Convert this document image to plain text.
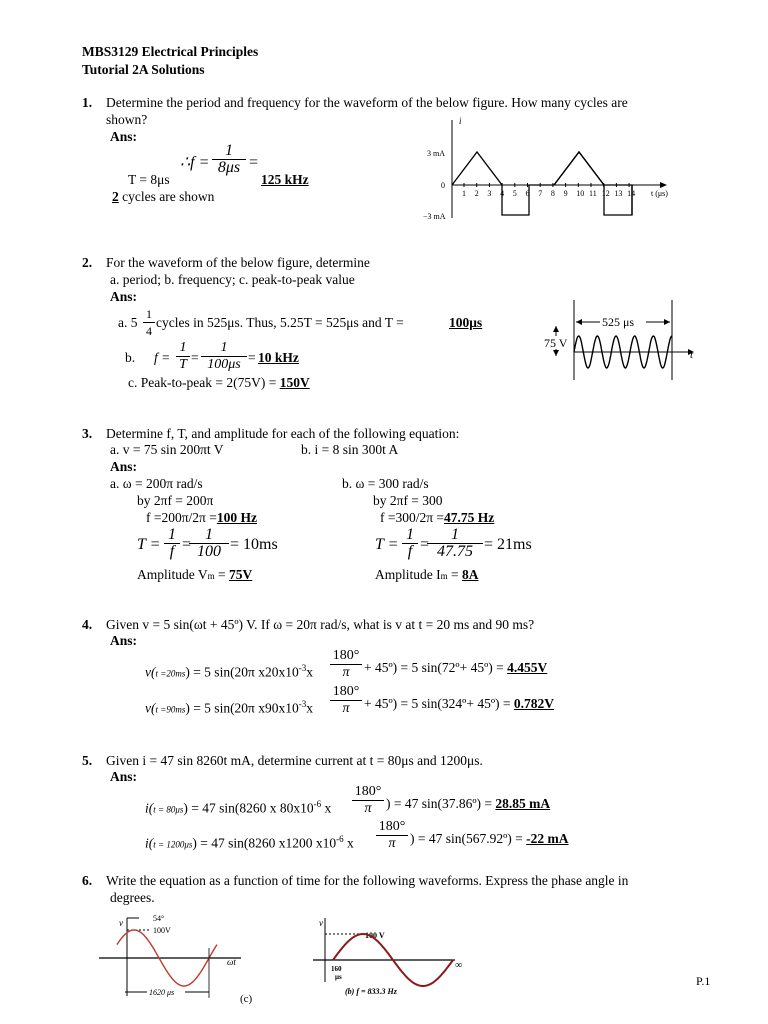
MBS3129 Electrical Principles
Tutorial 2A Solutions
1. Determine the period and frequency for the waveform of the below figure. How many cycles are
shown?
Ans:
∴f = $\frac{1}{8\mu s}$ =
T = 8μs	125 kHz
2 cycles are shown
i
3 mA
0
−3 mA
t (μs)
1 2 3 4 5 6 7 8 9 10 11 12 13 14
2. For the waveform of the below figure, determine
a. period; b. frequency; c. peak-to-peak value
Ans:
a. $5 \frac{1}{4}$ cycles in 525μs. Thus, 5.25T = 525μs and T =	100μs
b. $f = \frac{1}{T} = \frac{1}{100\mu s} = 10$ kHz
c. Peak-to-peak = 2(75V) = 150V
525 μs
75 V
t
3. Determine f, T, and amplitude for each of the following equation:
a. v = 75 sin 200πt V	b. i = 8 sin 300t A
Ans:
a. ω = 200π rad/s
by 2πf = 200π
f =200π/2π =100 Hz
$T = \frac{1}{f}$ =
$\frac{1}{100} = 10ms$
Amplitude Vm = 75V
b. ω = 300 rad/s
by 2πf = 300
f =300/2π =47.75 Hz
$T = \frac{1}{f}$ =
$\frac{1}{47.75} = 21ms$
Amplitude Im = 8A
4. Given v = 5 sin(ωt + 45º) V. If ω = 20π rad/s, what is v at t = 20 ms and 90 ms?
Ans:
v(t =20ms) = 5 sin(20π $x20x10^{-3}x \frac{180^\circ}{\pi}$ + 45º) = 5 sin(72º+ 45º) = 4.455V
v(t =90ms) = 5 sin(20π $x90x10^{-3}x \frac{180^\circ}{\pi}$ + 45º) = 5 sin(324º+ 45º) = 0.782V
5. Given i = 47 sin 8260t mA, determine current at t = 80μs and 1200μs.
Ans:
i(t = 80μs) = 47 sin(8260 x $80x10^{-6}$ x $\frac{180^\circ}{\pi}$ ) = 47 sin(37.86º) = 28.85 mA
i(t = 1200μs) = 47 sin(8260 x1200 $x10^{-6}$ x $\frac{180^\circ}{\pi}$ ) = 47 sin(567.92º) = -22 mA
6. Write the equation as a function of time for the following waveforms. Express the phase angle in
degrees.
v	54°
100V
1620 μs
ωt
(c)
v
100 V
160
μs
∞
(b) f = 833.3 Hz
P.1
